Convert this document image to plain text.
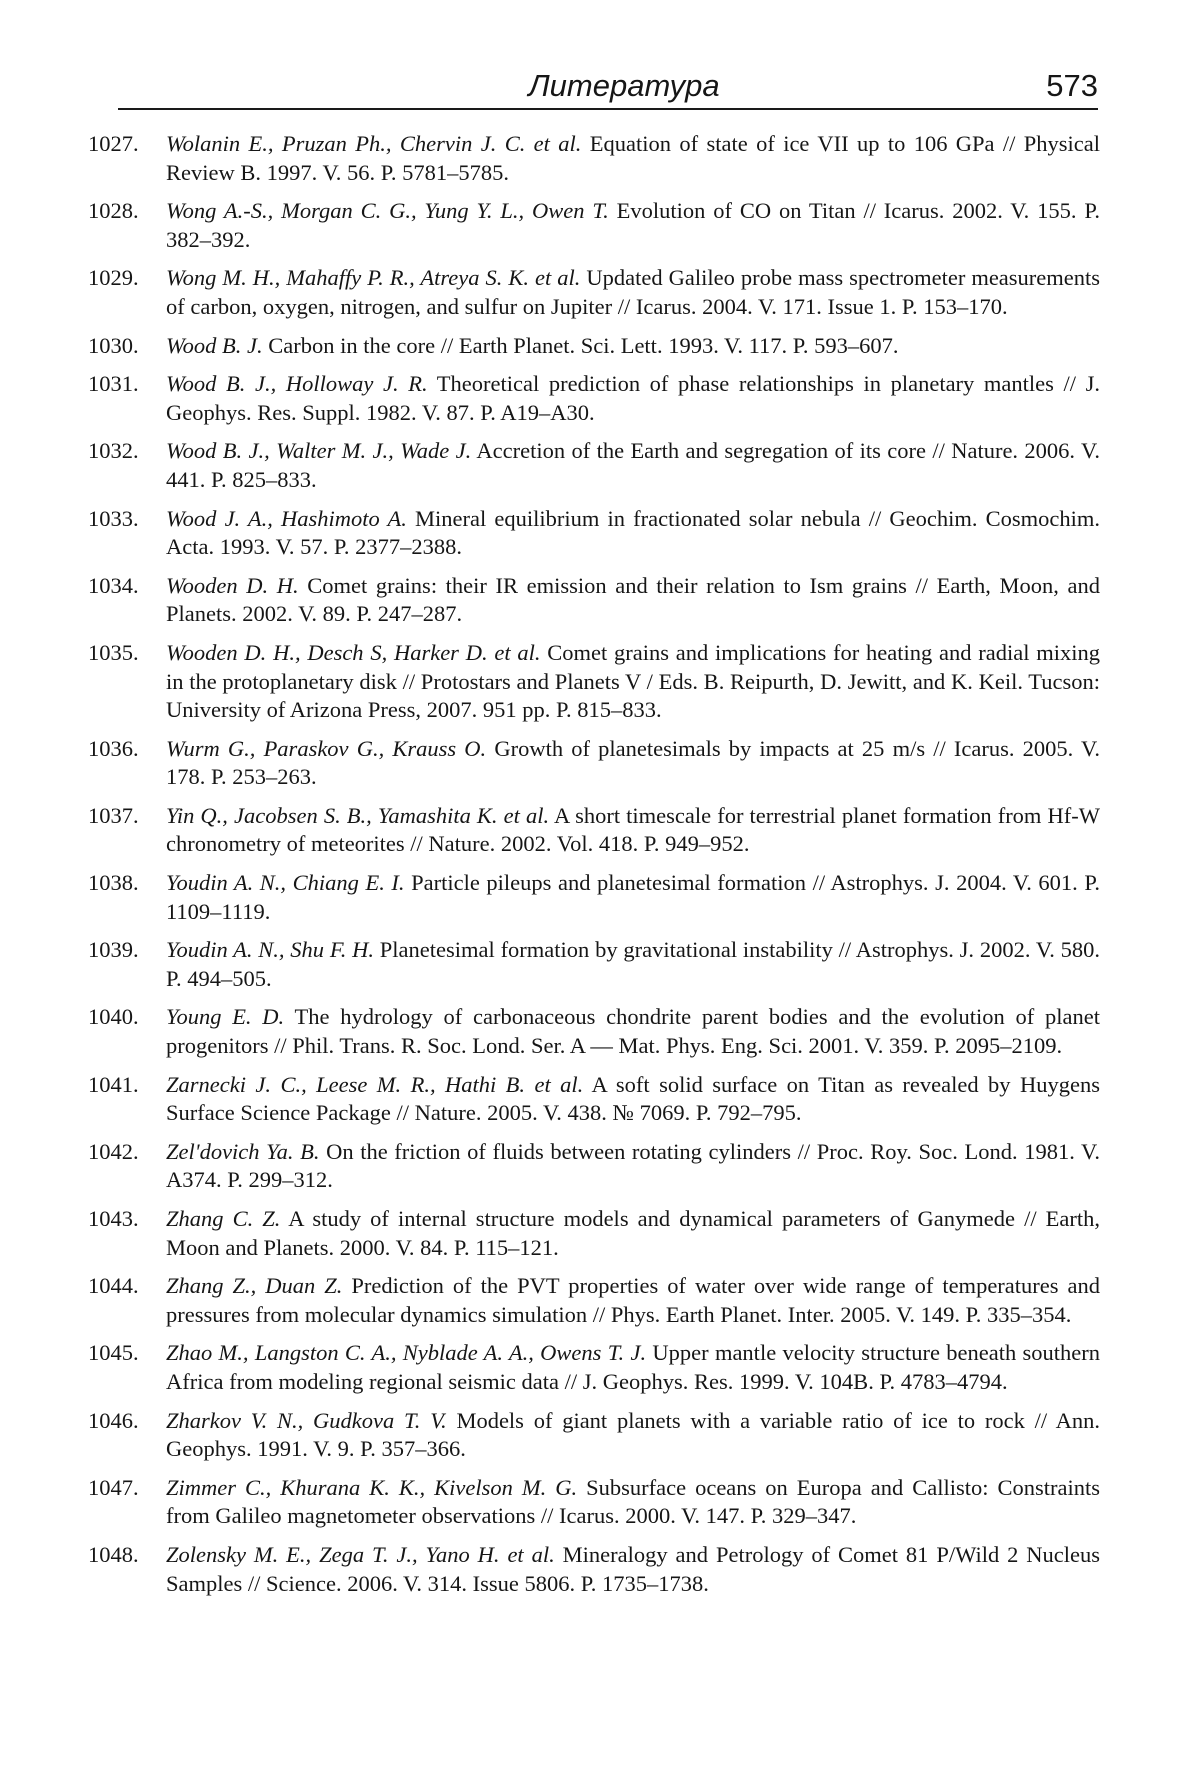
Литература	573
1027. Wolanin E., Pruzan Ph., Chervin J. C. et al. Equation of state of ice VII up to 106 GPa // Physical Review B. 1997. V. 56. P. 5781–5785.
1028. Wong A.-S., Morgan C. G., Yung Y. L., Owen T. Evolution of CO on Titan // Icarus. 2002. V. 155. P. 382–392.
1029. Wong M. H., Mahaffy P. R., Atreya S. K. et al. Updated Galileo probe mass spectrometer measurements of carbon, oxygen, nitrogen, and sulfur on Jupiter // Icarus. 2004. V. 171. Issue 1. P. 153–170.
1030. Wood B. J. Carbon in the core // Earth Planet. Sci. Lett. 1993. V. 117. P. 593–607.
1031. Wood B. J., Holloway J. R. Theoretical prediction of phase relationships in planetary mantles // J. Geophys. Res. Suppl. 1982. V. 87. P. A19–A30.
1032. Wood B. J., Walter M. J., Wade J. Accretion of the Earth and segregation of its core // Nature. 2006. V. 441. P. 825–833.
1033. Wood J. A., Hashimoto A. Mineral equilibrium in fractionated solar nebula // Geochim. Cosmochim. Acta. 1993. V. 57. P. 2377–2388.
1034. Wooden D. H. Comet grains: their IR emission and their relation to Ism grains // Earth, Moon, and Planets. 2002. V. 89. P. 247–287.
1035. Wooden D. H., Desch S, Harker D. et al. Comet grains and implications for heating and radial mixing in the protoplanetary disk // Protostars and Planets V / Eds. B. Reipurth, D. Jewitt, and K. Keil. Tucson: University of Arizona Press, 2007. 951 pp. P. 815–833.
1036. Wurm G., Paraskov G., Krauss O. Growth of planetesimals by impacts at 25 m/s // Icarus. 2005. V. 178. P. 253–263.
1037. Yin Q., Jacobsen S. B., Yamashita K. et al. A short timescale for terrestrial planet formation from Hf-W chronometry of meteorites // Nature. 2002. Vol. 418. P. 949–952.
1038. Youdin A. N., Chiang E. I. Particle pileups and planetesimal formation // Astrophys. J. 2004. V. 601. P. 1109–1119.
1039. Youdin A. N., Shu F. H. Planetesimal formation by gravitational instability // Astrophys. J. 2002. V. 580. P. 494–505.
1040. Young E. D. The hydrology of carbonaceous chondrite parent bodies and the evolution of planet progenitors // Phil. Trans. R. Soc. Lond. Ser. A — Mat. Phys. Eng. Sci. 2001. V. 359. P. 2095–2109.
1041. Zarnecki J. C., Leese M. R., Hathi B. et al. A soft solid surface on Titan as revealed by Huygens Surface Science Package // Nature. 2005. V. 438. № 7069. P. 792–795.
1042. Zel'dovich Ya. B. On the friction of fluids between rotating cylinders // Proc. Roy. Soc. Lond. 1981. V. A374. P. 299–312.
1043. Zhang C. Z. A study of internal structure models and dynamical parameters of Ganymede // Earth, Moon and Planets. 2000. V. 84. P. 115–121.
1044. Zhang Z., Duan Z. Prediction of the PVT properties of water over wide range of temperatures and pressures from molecular dynamics simulation // Phys. Earth Planet. Inter. 2005. V. 149. P. 335–354.
1045. Zhao M., Langston C. A., Nyblade A. A., Owens T. J. Upper mantle velocity structure beneath southern Africa from modeling regional seismic data // J. Geophys. Res. 1999. V. 104B. P. 4783–4794.
1046. Zharkov V. N., Gudkova T. V. Models of giant planets with a variable ratio of ice to rock // Ann. Geophys. 1991. V. 9. P. 357–366.
1047. Zimmer C., Khurana K. K., Kivelson M. G. Subsurface oceans on Europa and Callisto: Constraints from Galileo magnetometer observations // Icarus. 2000. V. 147. P. 329–347.
1048. Zolensky M. E., Zega T. J., Yano H. et al. Mineralogy and Petrology of Comet 81 P/Wild 2 Nucleus Samples // Science. 2006. V. 314. Issue 5806. P. 1735–1738.
